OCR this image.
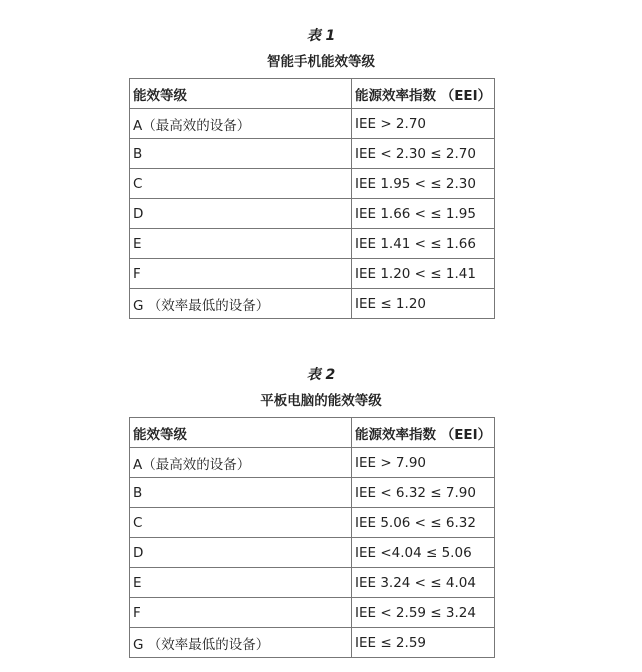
表 1
智能手机能效等级
能效等级	能源效率指数 （EEI）
A（最高效的设备）	IEE > 2.70
B	IEE < 2.30 ≤ 2.70
C	IEE 1.95 < ≤ 2.30
D	IEE 1.66 < ≤ 1.95
E	IEE 1.41 < ≤ 1.66
F	IEE 1.20 < ≤ 1.41
G （效率最低的设备）	IEE ≤ 1.20
表 2
平板电脑的能效等级
能效等级	能源效率指数 （EEI）
A（最高效的设备）	IEE > 7.90
B	IEE < 6.32 ≤ 7.90
C	IEE 5.06 < ≤ 6.32
D	IEE <4.04 ≤ 5.06
E	IEE 3.24 < ≤ 4.04
F	IEE < 2.59 ≤ 3.24
G （效率最低的设备）	IEE ≤ 2.59
